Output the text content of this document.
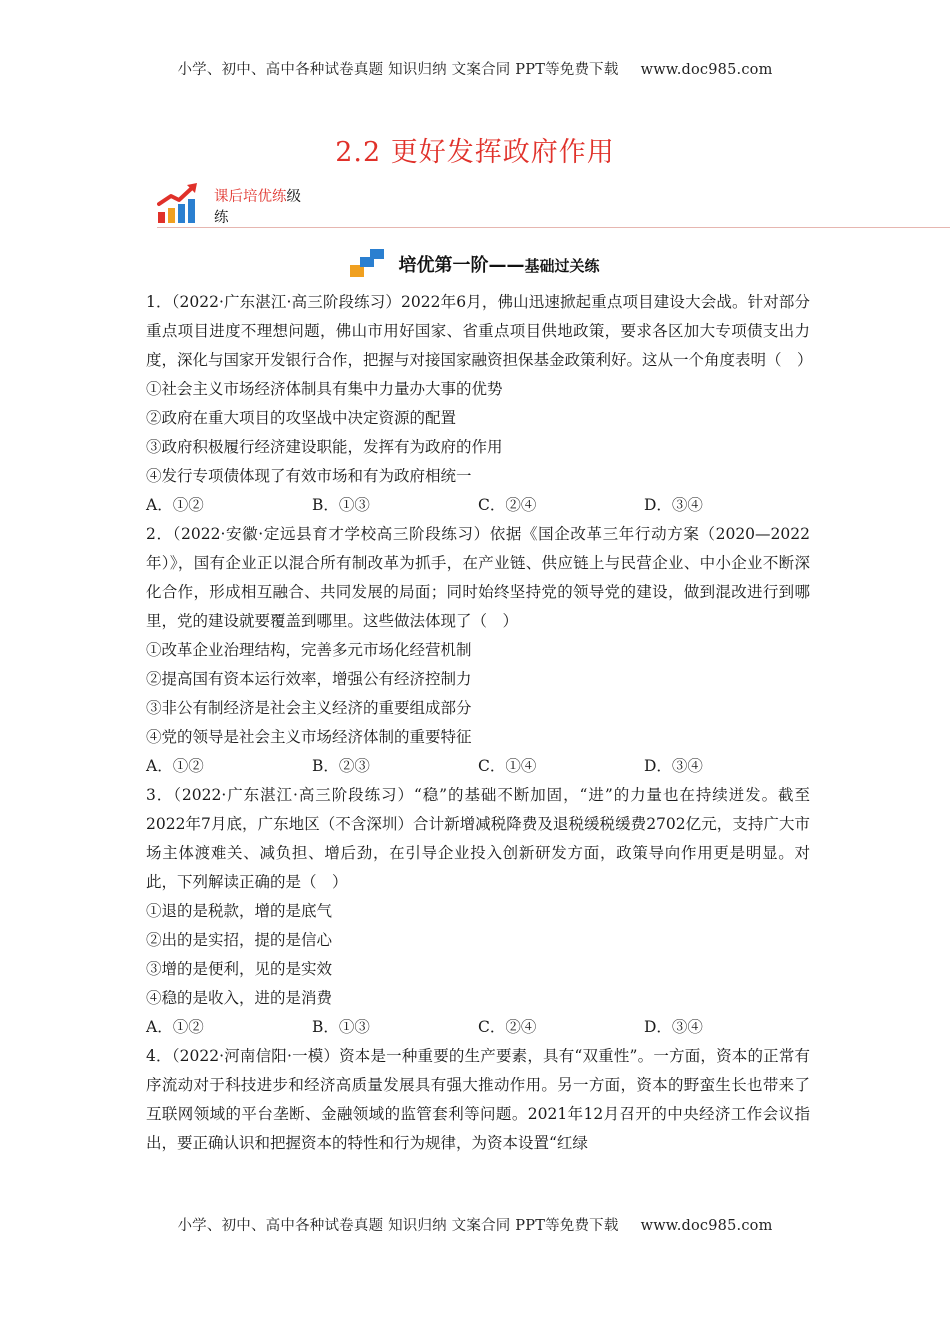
小学、初中、高中各种试卷真题 知识归纳 文案合同 PPT等免费下载 www.doc985.com
2.2 更好发挥政府作用
课后培优练级
练
培优第一阶——基础过关练

1．（2022·广东湛江·高三阶段练习）2022年6月，佛山迅速掀起重点项目建设大会战。针对部分重点项目进度不理想问题，佛山市用好国家、省重点项目供地政策，要求各区加大专项债支出力度，深化与国家开发银行合作，把握与对接国家融资担保基金政策利好。这从一个角度表明（　）

①社会主义市场经济体制具有集中力量办大事的优势

②政府在重大项目的攻坚战中决定资源的配置

③政府积极履行经济建设职能，发挥有为政府的作用

④发行专项债体现了有效市场和有为政府相统一

A．①②	B．①③	C．②④	D．③④

2．（2022·安徽·定远县育才学校高三阶段练习）依据《国企改革三年行动方案（2020—2022年）》，国有企业正以混合所有制改革为抓手，在产业链、供应链上与民营企业、中小企业不断深化合作，形成相互融合、共同发展的局面；同时始终坚持党的领导党的建设，做到混改进行到哪里，党的建设就要覆盖到哪里。这些做法体现了（　）

①改革企业治理结构，完善多元市场化经营机制

②提高国有资本运行效率，增强公有经济控制力

③非公有制经济是社会主义经济的重要组成部分

④党的领导是社会主义市场经济体制的重要特征

A．①②	B．②③	C．①④	D．③④

3．（2022·广东湛江·高三阶段练习）“稳”的基础不断加固，“进”的力量也在持续迸发。截至2022年7月底，广东地区（不含深圳）合计新增减税降费及退税缓税缓费2702亿元，支持广大市场主体渡难关、减负担、增后劲，在引导企业投入创新研发方面，政策导向作用更是明显。对此，下列解读正确的是（　）

①退的是税款，增的是底气

②出的是实招，提的是信心

③增的是便利，见的是实效

④稳的是收入，进的是消费

A．①②	B．①③	C．②④	D．③④

4．（2022·河南信阳·一模）资本是一种重要的生产要素，具有“双重性”。一方面，资本的正常有序流动对于科技进步和经济高质量发展具有强大推动作用。另一方面，资本的野蛮生长也带来了互联网领域的平台垄断、金融领域的监管套利等问题。2021年12月召开的中央经济工作会议指出，要正确认识和把握资本的特性和行为规律，为资本设置“红绿

小学、初中、高中各种试卷真题 知识归纳 文案合同 PPT等免费下载 www.doc985.com
